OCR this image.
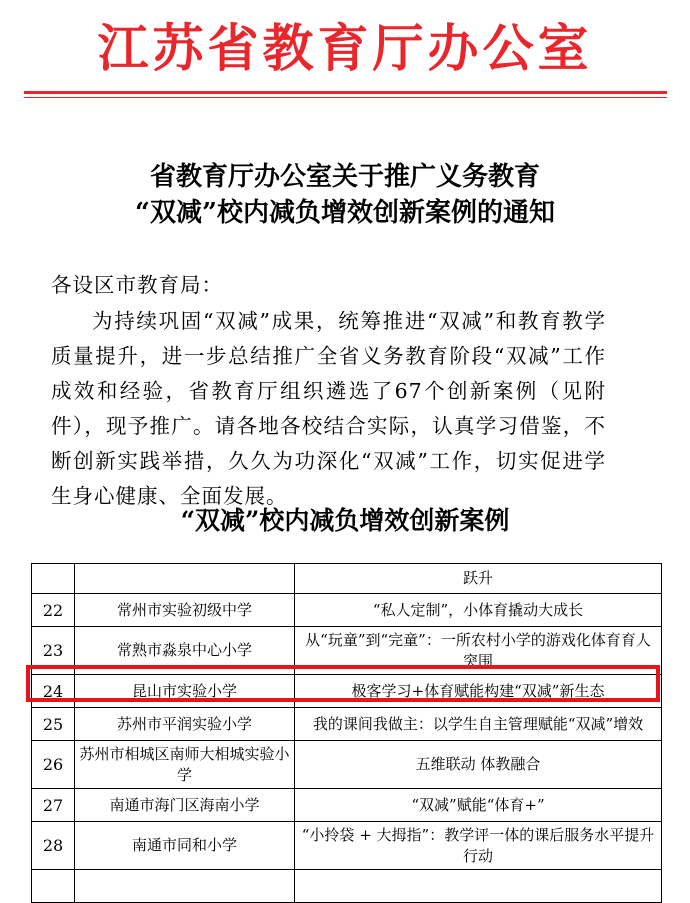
江苏省教育厅办公室
省教育厅办公室关于推广义务教育
“双减”校内减负增效创新案例的通知
各设区市教育局：
为持续巩固“双减”成果，统筹推进“双减”和教育教学质量提升，进一步总结推广全省义务教育阶段“双减”工作成效和经验，省教育厅组织遴选了67个创新案例（见附件），现予推广。请各地各校结合实际，认真学习借鉴，不断创新实践举措，久久为功深化“双减”工作，切实促进学生身心健康、全面发展。
“双减”校内减负增效创新案例
		跃升
22	常州市实验初级中学	“私人定制”，小体育撬动大成长
23	常熟市淼泉中心小学	从“玩童”到“完童”：一所农村小学的游戏化体育育人突围
24	昆山市实验小学	极客学习+体育赋能构建“双减”新生态
25	苏州市平润实验小学	我的课间我做主：以学生自主管理赋能“双减”增效
26	苏州市相城区南师大相城实验小学	五维联动 体教融合
27	南通市海门区海南小学	“双减”赋能“体育+”
28	南通市同和小学	“小拎袋 + 大拇指”：教学评一体的课后服务水平提升行动
